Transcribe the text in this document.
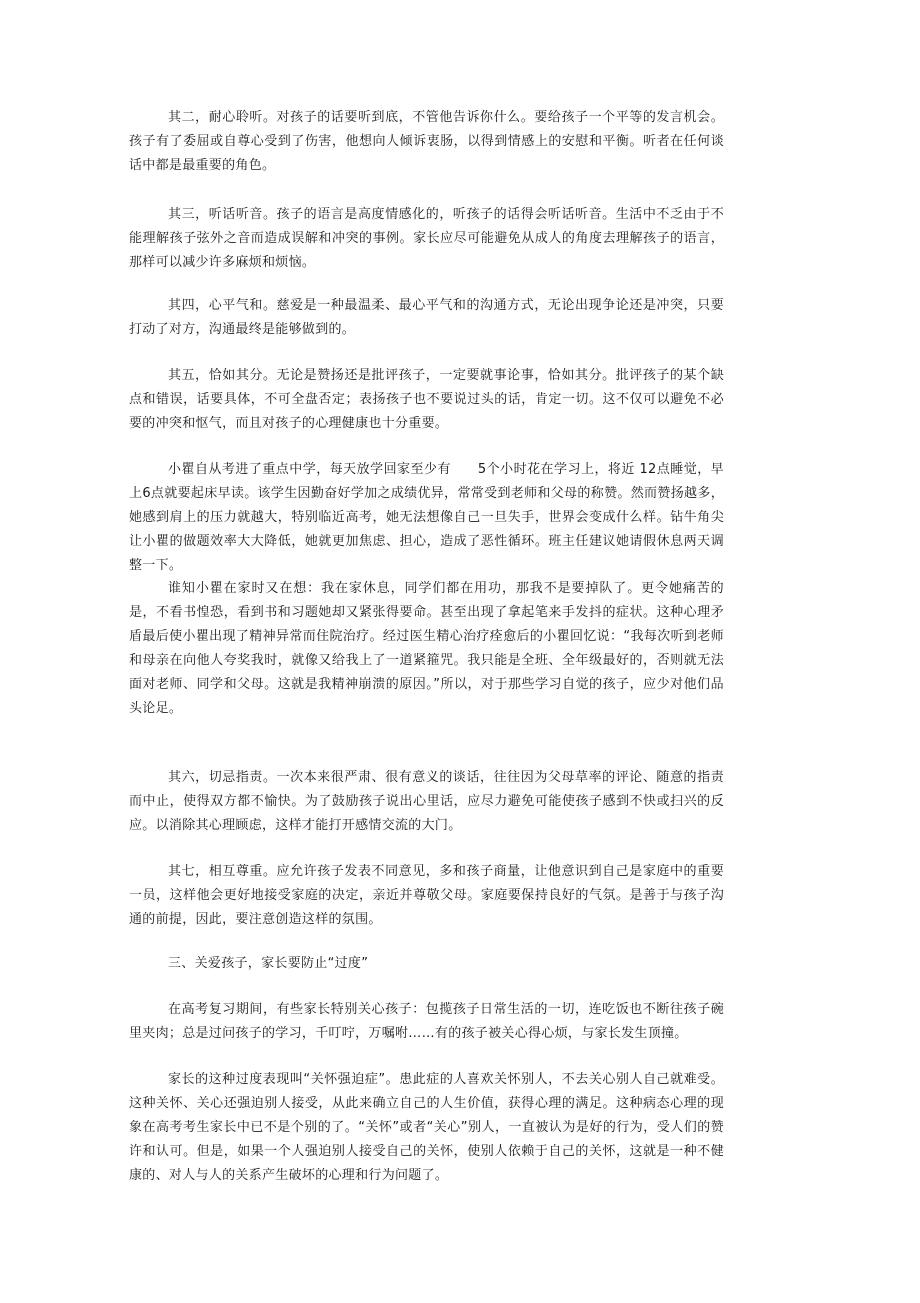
其二，耐心聆听。对孩子的话要听到底，不管他告诉你什么。要给孩子一个平等的发言机会。孩子有了委屈或自尊心受到了伤害，他想向人倾诉衷肠，以得到情感上的安慰和平衡。听者在任何谈话中都是最重要的角色。

其三，听话听音。孩子的语言是高度情感化的，听孩子的话得会听话听音。生活中不乏由于不能理解孩子弦外之音而造成误解和冲突的事例。家长应尽可能避免从成人的角度去理解孩子的语言，那样可以减少许多麻烦和烦恼。

其四，心平气和。慈爱是一种最温柔、最心平气和的沟通方式，无论出现争论还是冲突，只要打动了对方，沟通最终是能够做到的。

其五，恰如其分。无论是赞扬还是批评孩子，一定要就事论事，恰如其分。批评孩子的某个缺点和错误，话要具体，不可全盘否定；表扬孩子也不要说过头的话，肯定一切。这不仅可以避免不必要的冲突和怄气，而且对孩子的心理健康也十分重要。

小瞿自从考进了重点中学，每天放学回家至少有　　5个小时花在学习上，将近 12点睡觉，早上6点就要起床早读。该学生因勤奋好学加之成绩优异，常常受到老师和父母的称赞。然而赞扬越多，她感到肩上的压力就越大，特别临近高考，她无法想像自己一旦失手，世界会变成什么样。钻牛角尖让小瞿的做题效率大大降低，她就更加焦虑、担心，造成了恶性循环。班主任建议她请假休息两天调整一下。

谁知小瞿在家时又在想：我在家休息，同学们都在用功，那我不是要掉队了。更令她痛苦的是，不看书惶恐，看到书和习题她却又紧张得要命。甚至出现了拿起笔来手发抖的症状。这种心理矛盾最后使小瞿出现了精神异常而住院治疗。经过医生精心治疗痊愈后的小瞿回忆说：“我每次听到老师和母亲在向他人夸奖我时，就像又给我上了一道紧箍咒。我只能是全班、全年级最好的，否则就无法面对老师、同学和父母。这就是我精神崩溃的原因。”所以，对于那些学习自觉的孩子，应少对他们品头论足。

其六，切忌指责。一次本来很严肃、很有意义的谈话，往往因为父母草率的评论、随意的指责而中止，使得双方都不愉快。为了鼓励孩子说出心里话，应尽力避免可能使孩子感到不快或扫兴的反应。以消除其心理顾虑，这样才能打开感情交流的大门。

其七，相互尊重。应允许孩子发表不同意见，多和孩子商量，让他意识到自己是家庭中的重要一员，这样他会更好地接受家庭的决定，亲近并尊敬父母。家庭要保持良好的气氛。是善于与孩子沟通的前提，因此，要注意创造这样的氛围。

三、关爱孩子，家长要防止“过度”

在高考复习期间，有些家长特别关心孩子：包揽孩子日常生活的一切，连吃饭也不断往孩子碗里夹肉；总是过问孩子的学习，千叮咛，万嘱咐……有的孩子被关心得心烦，与家长发生顶撞。

家长的这种过度表现叫“关怀强迫症”。患此症的人喜欢关怀别人，不去关心别人自己就难受。这种关怀、关心还强迫别人接受，从此来确立自己的人生价值，获得心理的满足。这种病态心理的现象在高考考生家长中已不是个别的了。“关怀”或者“关心”别人，一直被认为是好的行为，受人们的赞许和认可。但是，如果一个人强迫别人接受自己的关怀，使别人依赖于自己的关怀，这就是一种不健康的、对人与人的关系产生破坏的心理和行为问题了。
